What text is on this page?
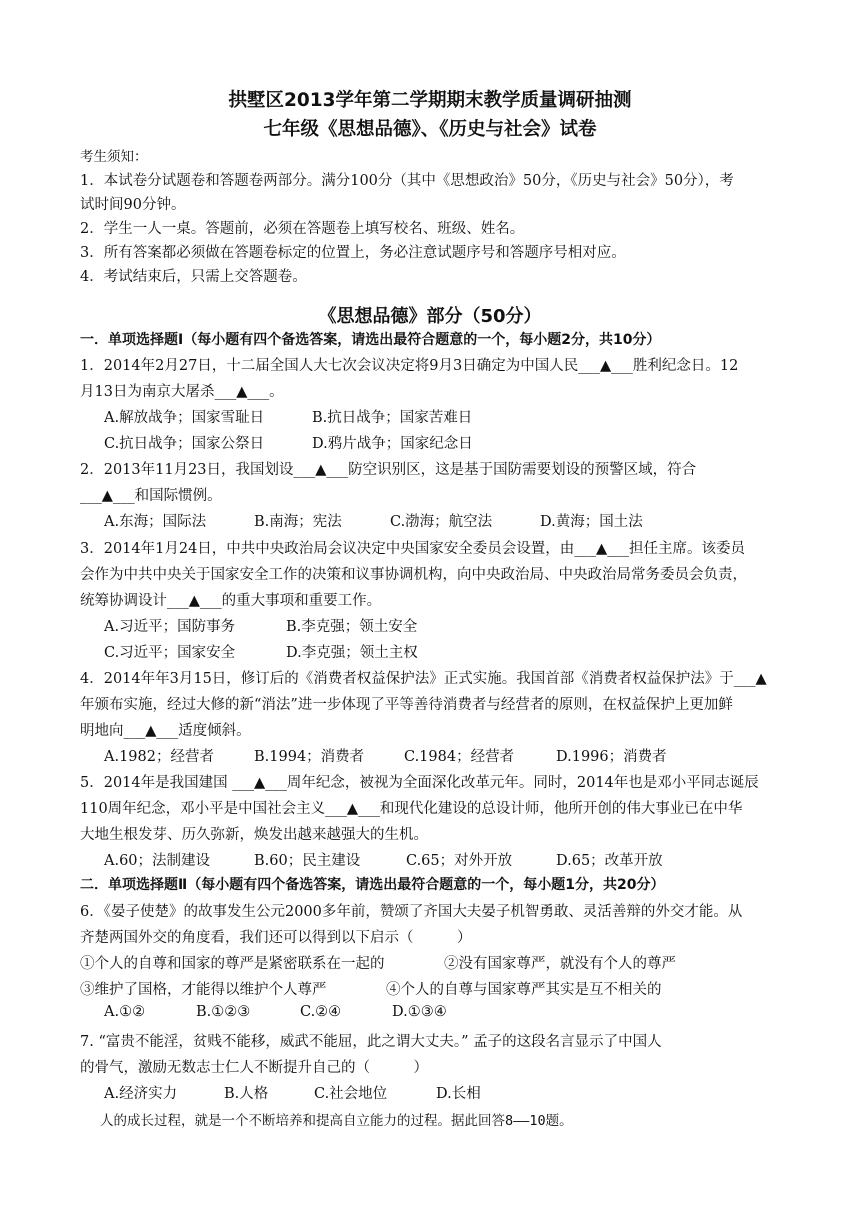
拱墅区2013学年第二学期期末教学质量调研抽测
七年级《思想品德》、《历史与社会》试卷
考生须知：
1．本试卷分试题卷和答题卷两部分。满分100分（其中《思想政治》50分，《历史与社会》50分），考
试时间90分钟。
2．学生一人一桌。答题前，必须在答题卷上填写校名、班级、姓名。
3．所有答案都必须做在答题卷标定的位置上，务必注意试题序号和答题序号相对应。
4．考试结束后，只需上交答题卷。
《思想品德》部分（50分）
一．单项选择题Ⅰ（每小题有四个备选答案，请选出最符合题意的一个，每小题2分，共10分）
1．2014年2月27日，十二届全国人大七次会议决定将9月3日确定为中国人民___▲___胜利纪念日。12
月13日为南京大屠杀___▲___。
A.解放战争；国家雪耻日	B.抗日战争；国家苦难日
C.抗日战争；国家公祭日	D.鸦片战争；国家纪念日
2．2013年11月23日，我国划设___▲___防空识别区，这是基于国防需要划设的预警区域，符合
___▲___和国际惯例。
A.东海；国际法	B.南海；宪法	C.渤海；航空法	D.黄海；国土法
3．2014年1月24日，中共中央政治局会议决定中央国家安全委员会设置，由___▲___担任主席。该委员
会作为中共中央关于国家安全工作的决策和议事协调机构，向中央政治局、中央政治局常务委员会负责，
统筹协调设计___▲___的重大事项和重要工作。
A.习近平；国防事务	B.李克强；领土安全
C.习近平；国家安全	D.李克强；领土主权
4．2014年年3月15日，修订后的《消费者权益保护法》正式实施。我国首部《消费者权益保护法》于___▲
年颁布实施，经过大修的新“消法”进一步体现了平等善待消费者与经营者的原则，在权益保护上更加鲜
明地向___▲___适度倾斜。
A.1982；经营者	B.1994；消费者	C.1984；经营者	D.1996；消费者
5．2014年是我国建国 ___▲___周年纪念，被视为全面深化改革元年。同时，2014年也是邓小平同志诞辰
110周年纪念，邓小平是中国社会主义___▲___和现代化建设的总设计师，他所开创的伟大事业已在中华
大地生根发芽、历久弥新，焕发出越来越强大的生机。
A.60；法制建设	B.60；民主建设	C.65；对外开放	D.65；改革开放
二．单项选择题Ⅱ（每小题有四个备选答案，请选出最符合题意的一个，每小题1分，共20分）
6．《晏子使楚》的故事发生公元2000多年前，赞颂了齐国大夫晏子机智勇敢、灵活善辩的外交才能。从
齐楚两国外交的角度看，我们还可以得到以下启示（　　　）
①个人的自尊和国家的尊严是紧密联系在一起的	②没有国家尊严，就没有个人的尊严
③维护了国格，才能得以维护个人尊严	④个人的自尊与国家尊严其实是互不相关的
A.①②	B.①②③	C.②④	D.①③④
7. “富贵不能淫，贫贱不能移，威武不能屈，此之谓大丈夫。” 孟子的这段名言显示了中国人
的骨气，激励无数志士仁人不断提升自己的（　　　）
A.经济实力	B.人格	C.社会地位	D.长相
人的成长过程，就是一个不断培养和提高自立能力的过程。据此回答8——10题。
